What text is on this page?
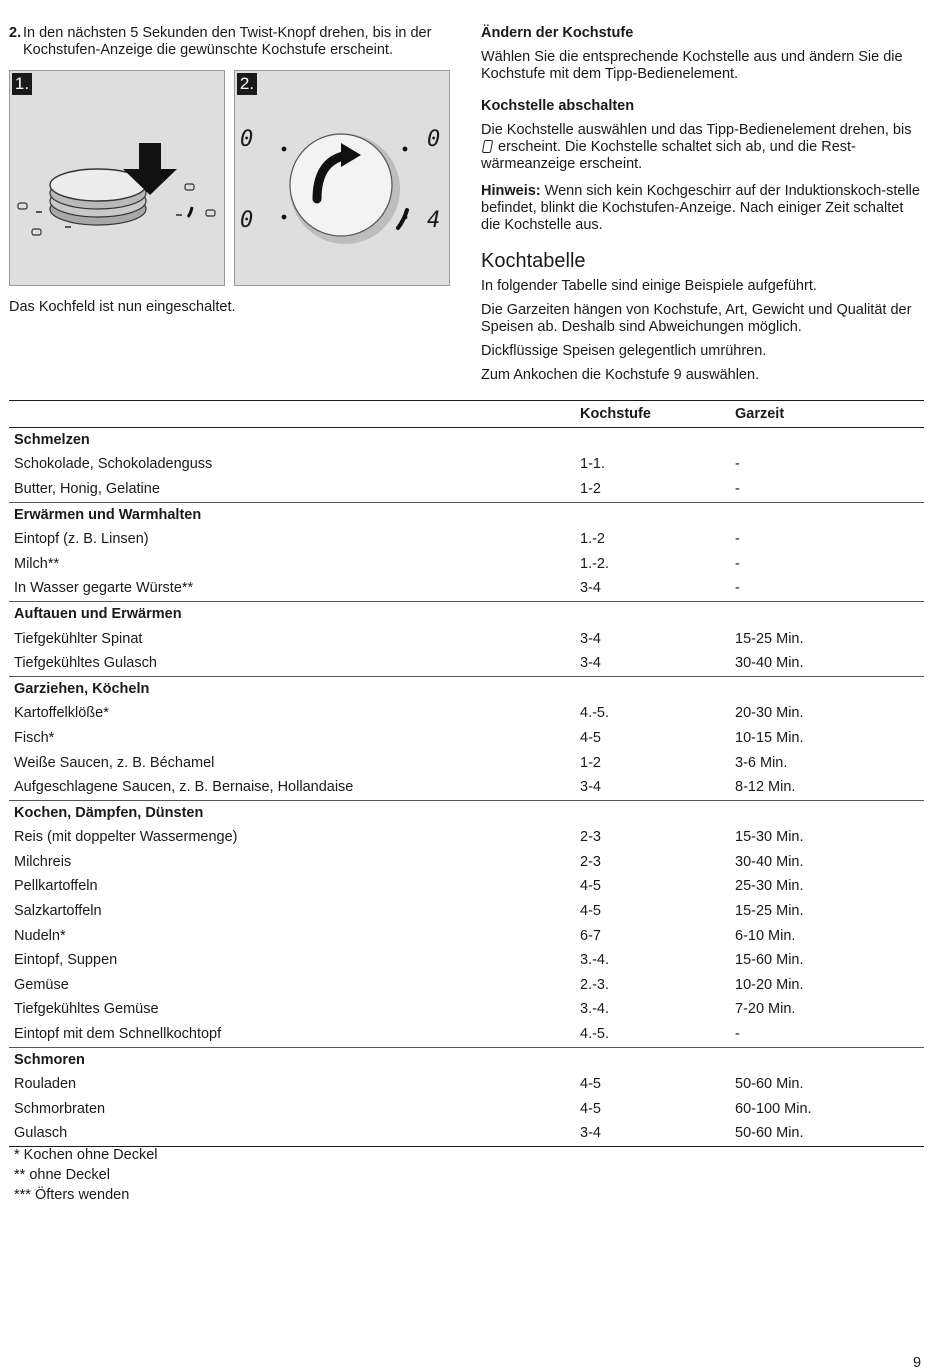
2. In den nächsten 5 Sekunden den Twist-Knopf drehen, bis in der Kochstufen-Anzeige die gewünschte Kochstufe erscheint.
1.	2.
0	0
0	4
Das Kochfeld ist nun eingeschaltet.
Ändern der Kochstufe
Wählen Sie die entsprechende Kochstelle aus und ändern Sie die Kochstufe mit dem Tipp-Bedienelement.
Kochstelle abschalten
Die Kochstelle auswählen und das Tipp-Bedienelement drehen, bis  erscheint. Die Kochstelle schaltet sich ab, und die Rest-wärmeanzeige erscheint.
Hinweis: Wenn sich kein Kochgeschirr auf der Induktionskoch-stelle befindet, blinkt die Kochstufen-Anzeige. Nach einiger Zeit schaltet die Kochstelle aus.
Kochtabelle
In folgender Tabelle sind einige Beispiele aufgeführt.
Die Garzeiten hängen von Kochstufe, Art, Gewicht und Qualität der Speisen ab. Deshalb sind Abweichungen möglich.
Dickflüssige Speisen gelegentlich umrühren.
Zum Ankochen die Kochstufe 9 auswählen.
	Kochstufe	Garzeit
Schmelzen		
Schokolade, Schokoladenguss	1-1.	-
Butter, Honig, Gelatine	1-2	-
Erwärmen und Warmhalten		
Eintopf (z. B. Linsen)	1.-2	-
Milch**	1.-2.	-
In Wasser gegarte Würste**	3-4	-
Auftauen und Erwärmen		
Tiefgekühlter Spinat	3-4	15-25 Min.
Tiefgekühltes Gulasch	3-4	30-40 Min.
Garziehen, Köcheln		
Kartoffelklöße*	4.-5.	20-30 Min.
Fisch*	4-5	10-15 Min.
Weiße Saucen, z. B. Béchamel	1-2	3-6 Min.
Aufgeschlagene Saucen, z. B. Bernaise, Hollandaise	3-4	8-12 Min.
Kochen, Dämpfen, Dünsten		
Reis (mit doppelter Wassermenge)	2-3	15-30 Min.
Milchreis	2-3	30-40 Min.
Pellkartoffeln	4-5	25-30 Min.
Salzkartoffeln	4-5	15-25 Min.
Nudeln*	6-7	6-10 Min.
Eintopf, Suppen	3.-4.	15-60 Min.
Gemüse	2.-3.	10-20 Min.
Tiefgekühltes Gemüse	3.-4.	7-20 Min.
Eintopf mit dem Schnellkochtopf	4.-5.	-
Schmoren		
Rouladen	4-5	50-60 Min.
Schmorbraten	4-5	60-100 Min.
Gulasch	3-4	50-60 Min.
* Kochen ohne Deckel
** ohne Deckel
*** Öfters wenden
9
